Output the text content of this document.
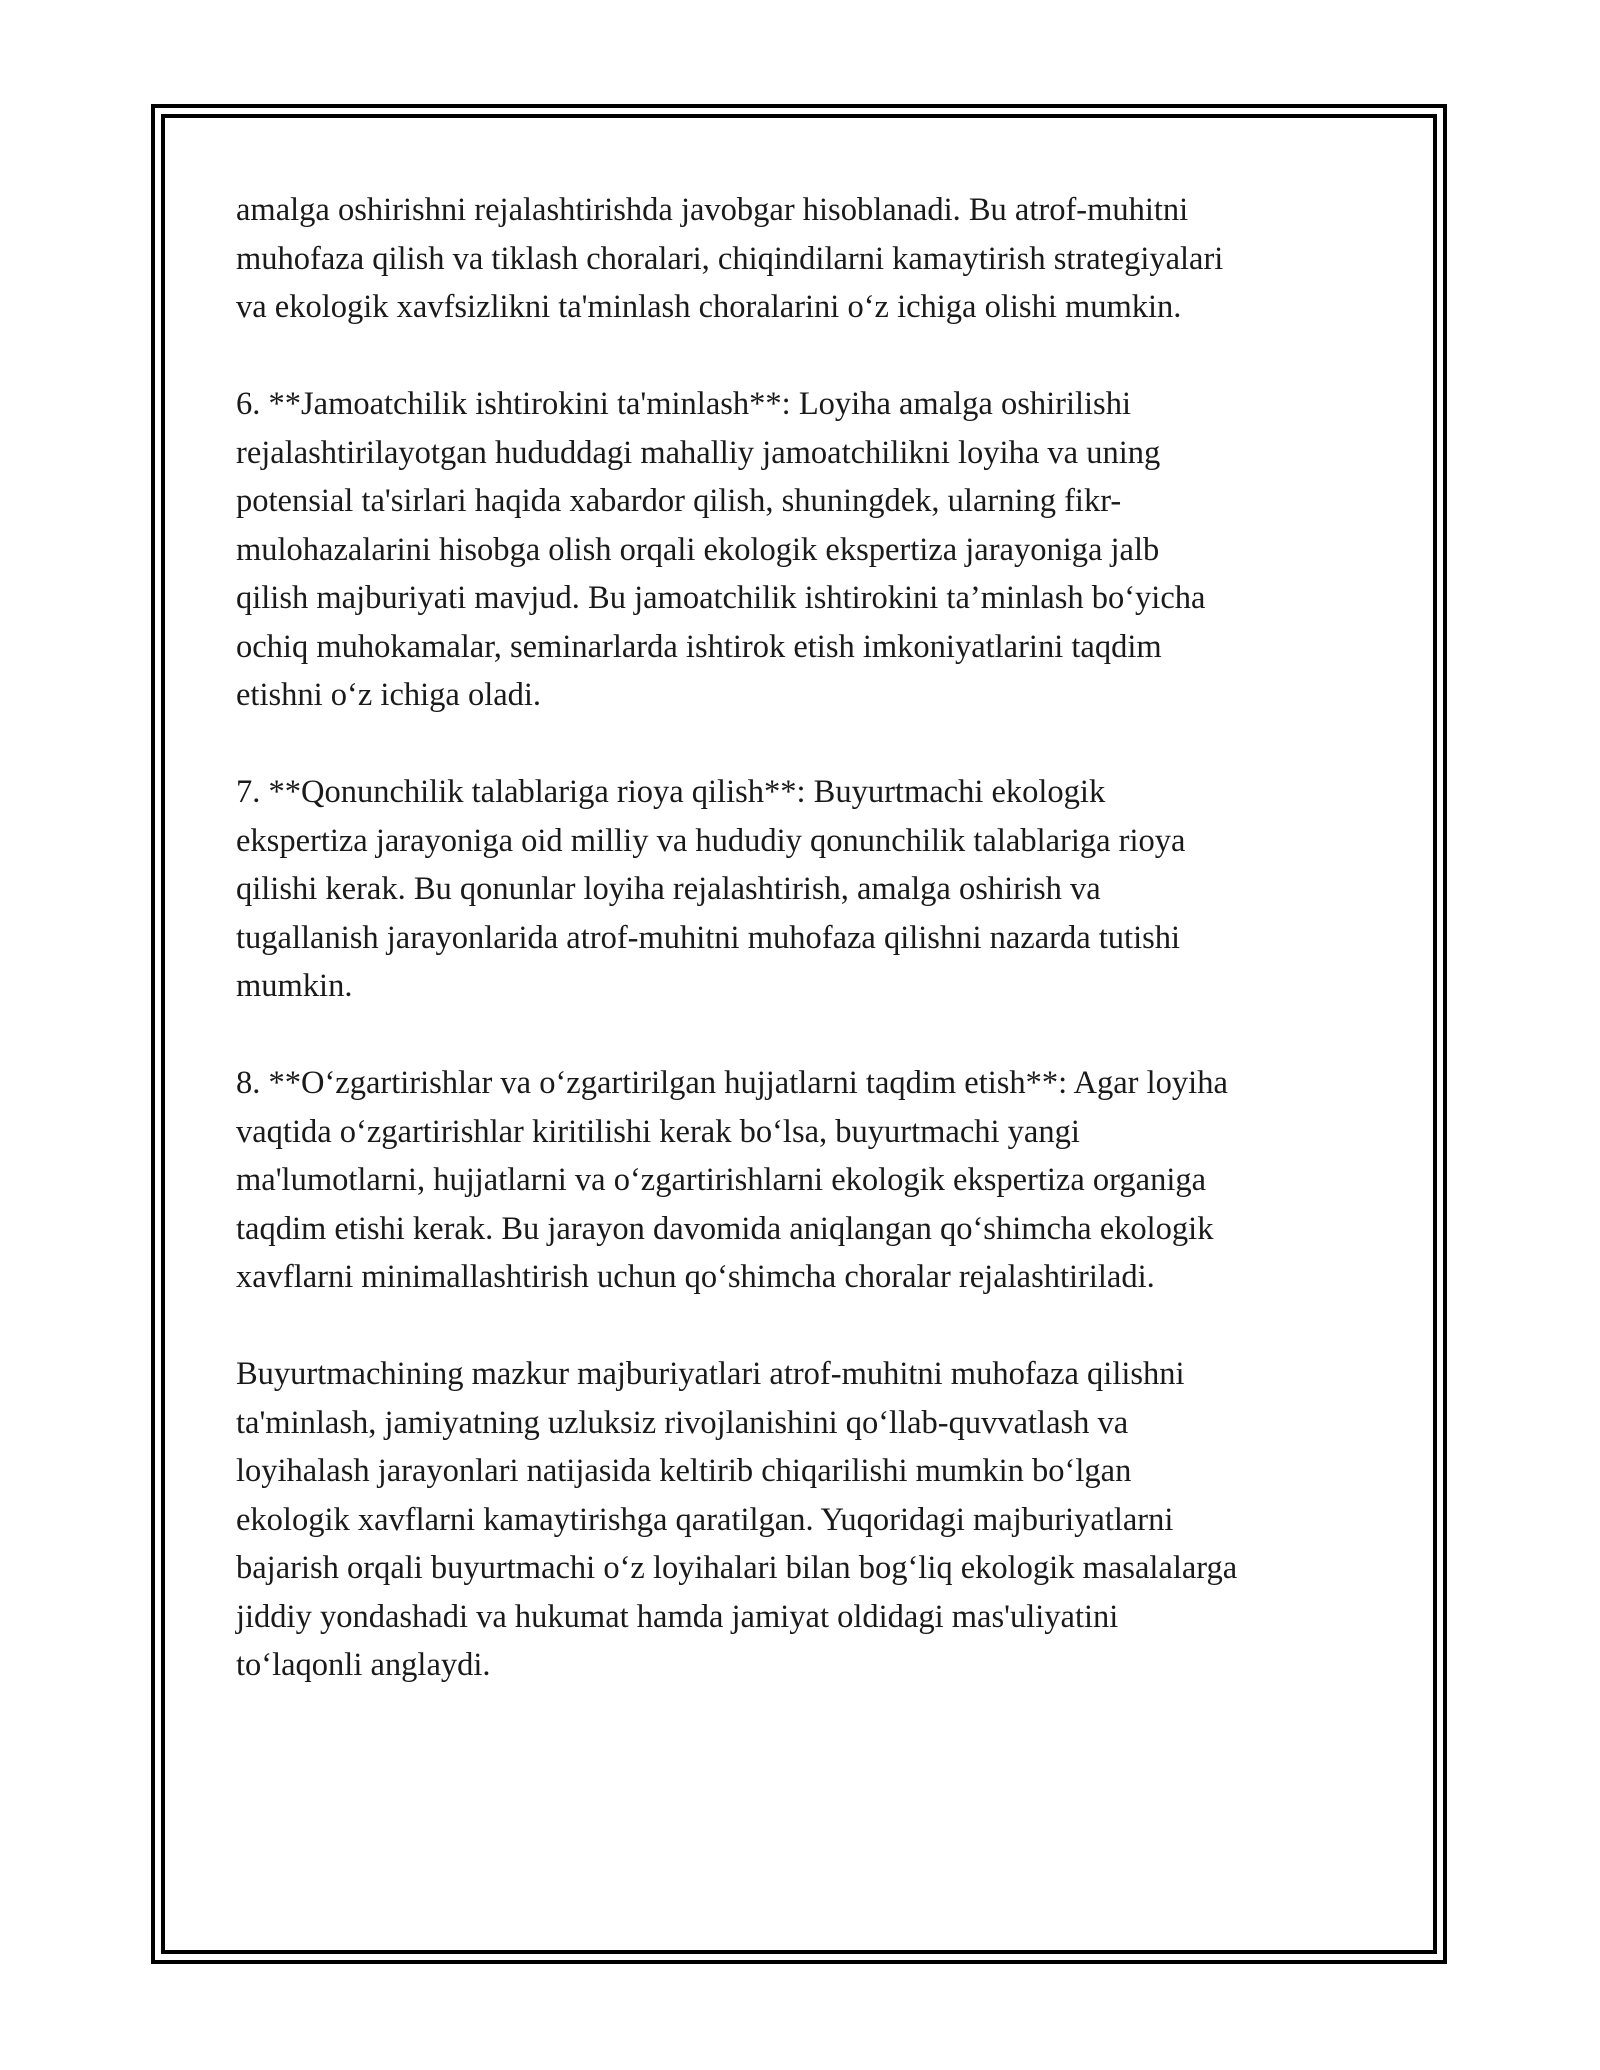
amalga oshirishni rejalashtirishda javobgar hisoblanadi. Bu atrof-muhitni
muhofaza qilish va tiklash choralari, chiqindilarni kamaytirish strategiyalari
va ekologik xavfsizlikni ta'minlash choralarini o‘z ichiga olishi mumkin.
6. **Jamoatchilik ishtirokini ta'minlash**: Loyiha amalga oshirilishi
rejalashtirilayotgan hududdagi mahalliy jamoatchilikni loyiha va uning
potensial ta'sirlari haqida xabardor qilish, shuningdek, ularning fikr-
mulohazalarini hisobga olish orqali ekologik ekspertiza jarayoniga jalb
qilish majburiyati mavjud. Bu jamoatchilik ishtirokini ta’minlash bo‘yicha
ochiq muhokamalar, seminarlarda ishtirok etish imkoniyatlarini taqdim
etishni o‘z ichiga oladi.
7. **Qonunchilik talablariga rioya qilish**: Buyurtmachi ekologik
ekspertiza jarayoniga oid milliy va hududiy qonunchilik talablariga rioya
qilishi kerak. Bu qonunlar loyiha rejalashtirish, amalga oshirish va
tugallanish jarayonlarida atrof-muhitni muhofaza qilishni nazarda tutishi
mumkin.
8. **O‘zgartirishlar va o‘zgartirilgan hujjatlarni taqdim etish**: Agar loyiha
vaqtida o‘zgartirishlar kiritilishi kerak bo‘lsa, buyurtmachi yangi
ma'lumotlarni, hujjatlarni va o‘zgartirishlarni ekologik ekspertiza organiga
taqdim etishi kerak. Bu jarayon davomida aniqlangan qo‘shimcha ekologik
xavflarni minimallashtirish uchun qo‘shimcha choralar rejalashtiriladi.
Buyurtmachining mazkur majburiyatlari atrof-muhitni muhofaza qilishni
ta'minlash, jamiyatning uzluksiz rivojlanishini qo‘llab-quvvatlash va
loyihalash jarayonlari natijasida keltirib chiqarilishi mumkin bo‘lgan
ekologik xavflarni kamaytirishga qaratilgan. Yuqoridagi majburiyatlarni
bajarish orqali buyurtmachi o‘z loyihalari bilan bog‘liq ekologik masalalarga
jiddiy yondashadi va hukumat hamda jamiyat oldidagi mas'uliyatini
to‘laqonli anglaydi.
